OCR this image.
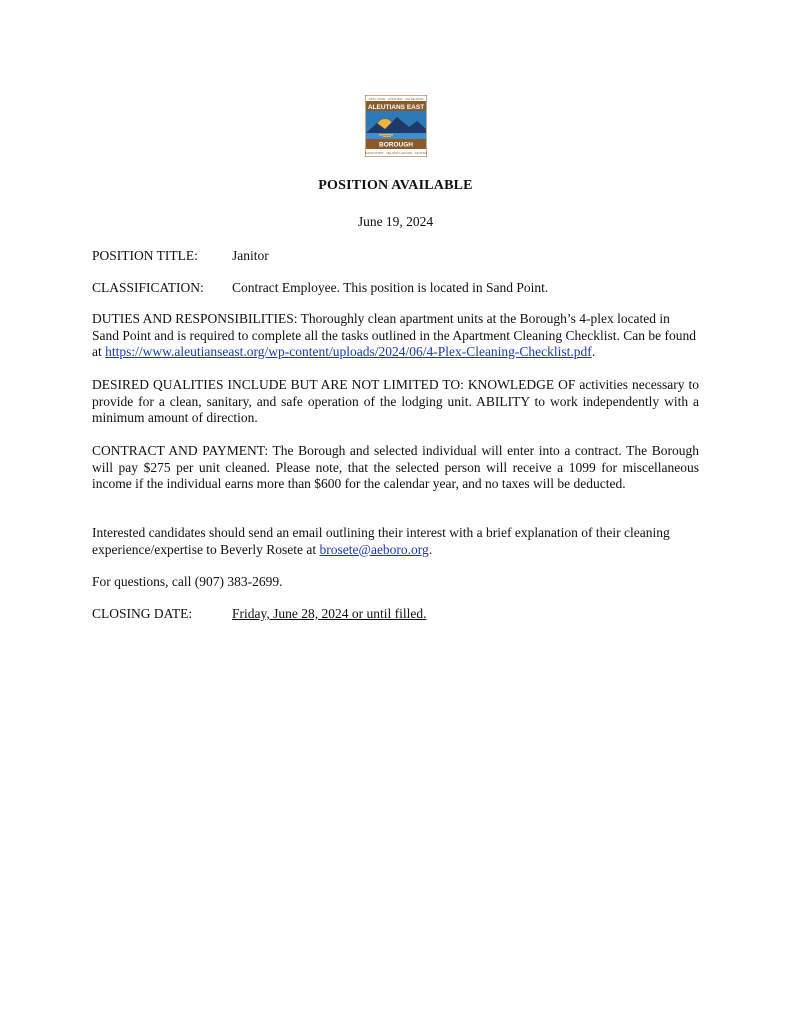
KING COVE · COLD BAY · FALSE PASS
ALEUTIANS EAST
BOROUGH
SAND POINT · NELSON LAGOON · AKUTAN
POSITION AVAILABLE
June 19, 2024
POSITION TITLE:	Janitor
CLASSIFICATION: Contract Employee. This position is located in Sand Point.
DUTIES AND RESPONSIBILITIES: Thoroughly clean apartment units at the Borough’s 4-plex located in Sand Point and is required to complete all the tasks outlined in the Apartment Cleaning Checklist. Can be found at https://www.aleutianseast.org/wp-content/uploads/2024/06/4-Plex-Cleaning-Checklist.pdf.
DESIRED QUALITIES INCLUDE BUT ARE NOT LIMITED TO: KNOWLEDGE OF activities necessary to provide for a clean, sanitary, and safe operation of the lodging unit. ABILITY to work independently with a minimum amount of direction.
CONTRACT AND PAYMENT: The Borough and selected individual will enter into a contract. The Borough will pay $275 per unit cleaned. Please note, that the selected person will receive a 1099 for miscellaneous income if the individual earns more than $600 for the calendar year, and no taxes will be deducted.
Interested candidates should send an email outlining their interest with a brief explanation of their cleaning experience/expertise to Beverly Rosete at brosete@aeboro.org.
For questions, call (907) 383-2699.
CLOSING DATE:	Friday, June 28, 2024 or until filled.
